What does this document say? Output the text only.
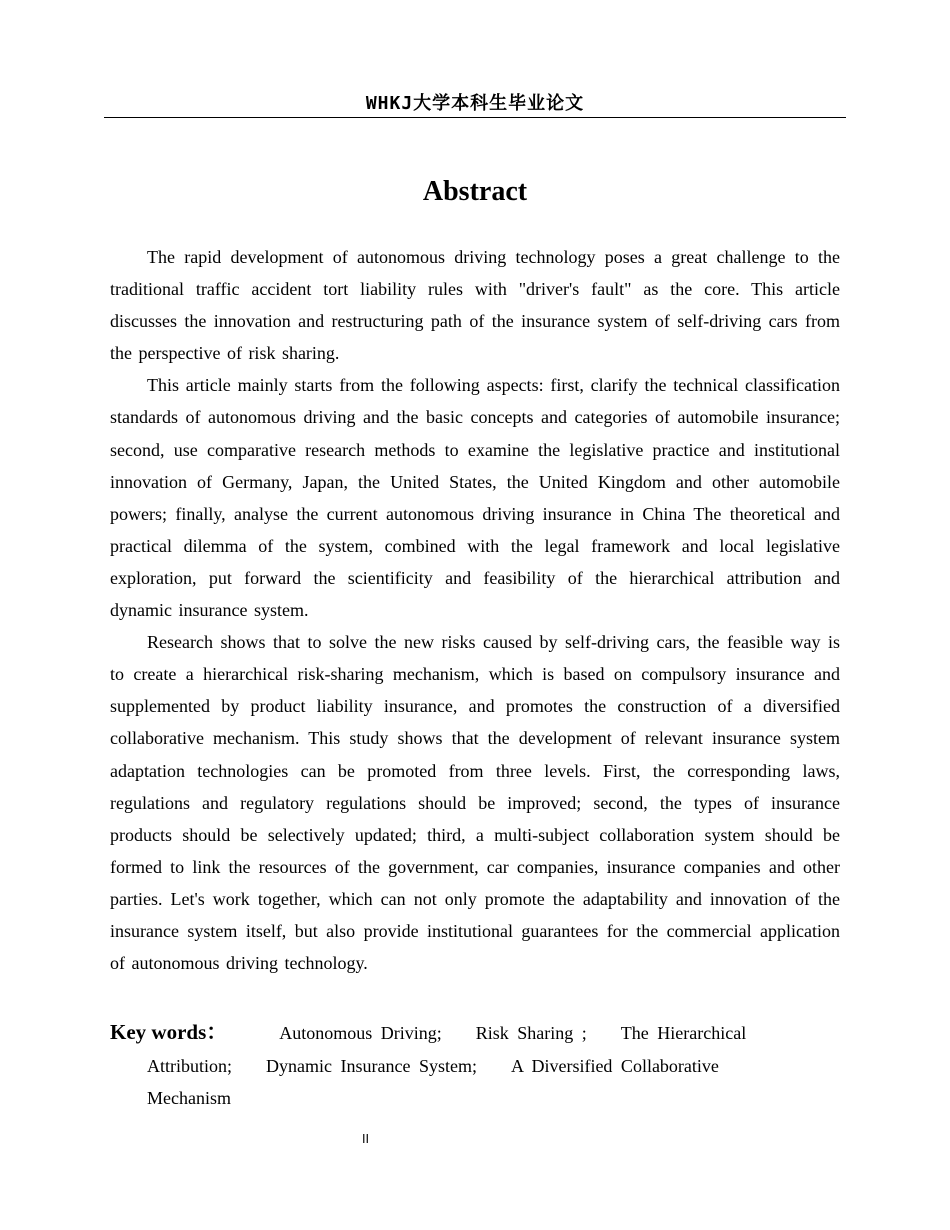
WHKJ大学本科生毕业论文
Abstract

The rapid development of autonomous driving technology poses a great challenge to the traditional traffic accident tort liability rules with "driver's fault" as the core. This article discusses the innovation and restructuring path of the insurance system of self-driving cars from the perspective of risk sharing.

This article mainly starts from the following aspects: first, clarify the technical classification standards of autonomous driving and the basic concepts and categories of automobile insurance; second, use comparative research methods to examine the legislative practice and institutional innovation of Germany, Japan, the United States, the United Kingdom and other automobile powers; finally, analyse the current autonomous driving insurance in China The theoretical and practical dilemma of the system, combined with the legal framework and local legislative exploration, put forward the scientificity and feasibility of the hierarchical attribution and dynamic insurance system.

Research shows that to solve the new risks caused by self-driving cars, the feasible way is to create a hierarchical risk-sharing mechanism, which is based on compulsory insurance and supplemented by product liability insurance, and promotes the construction of a diversified collaborative mechanism. This study shows that the development of relevant insurance system adaptation technologies can be promoted from three levels. First, the corresponding laws, regulations and regulatory regulations should be improved; second, the types of insurance products should be selectively updated; third, a multi-subject collaboration system should be formed to link the resources of the government, car companies, insurance companies and other parties. Let's work together, which can not only promote the adaptability and innovation of the insurance system itself, but also provide institutional guarantees for the commercial application of autonomous driving technology.

Key words：	Autonomous Driving; Risk Sharing ; The Hierarchical
Attribution; Dynamic Insurance System; A Diversified Collaborative
Mechanism
II
